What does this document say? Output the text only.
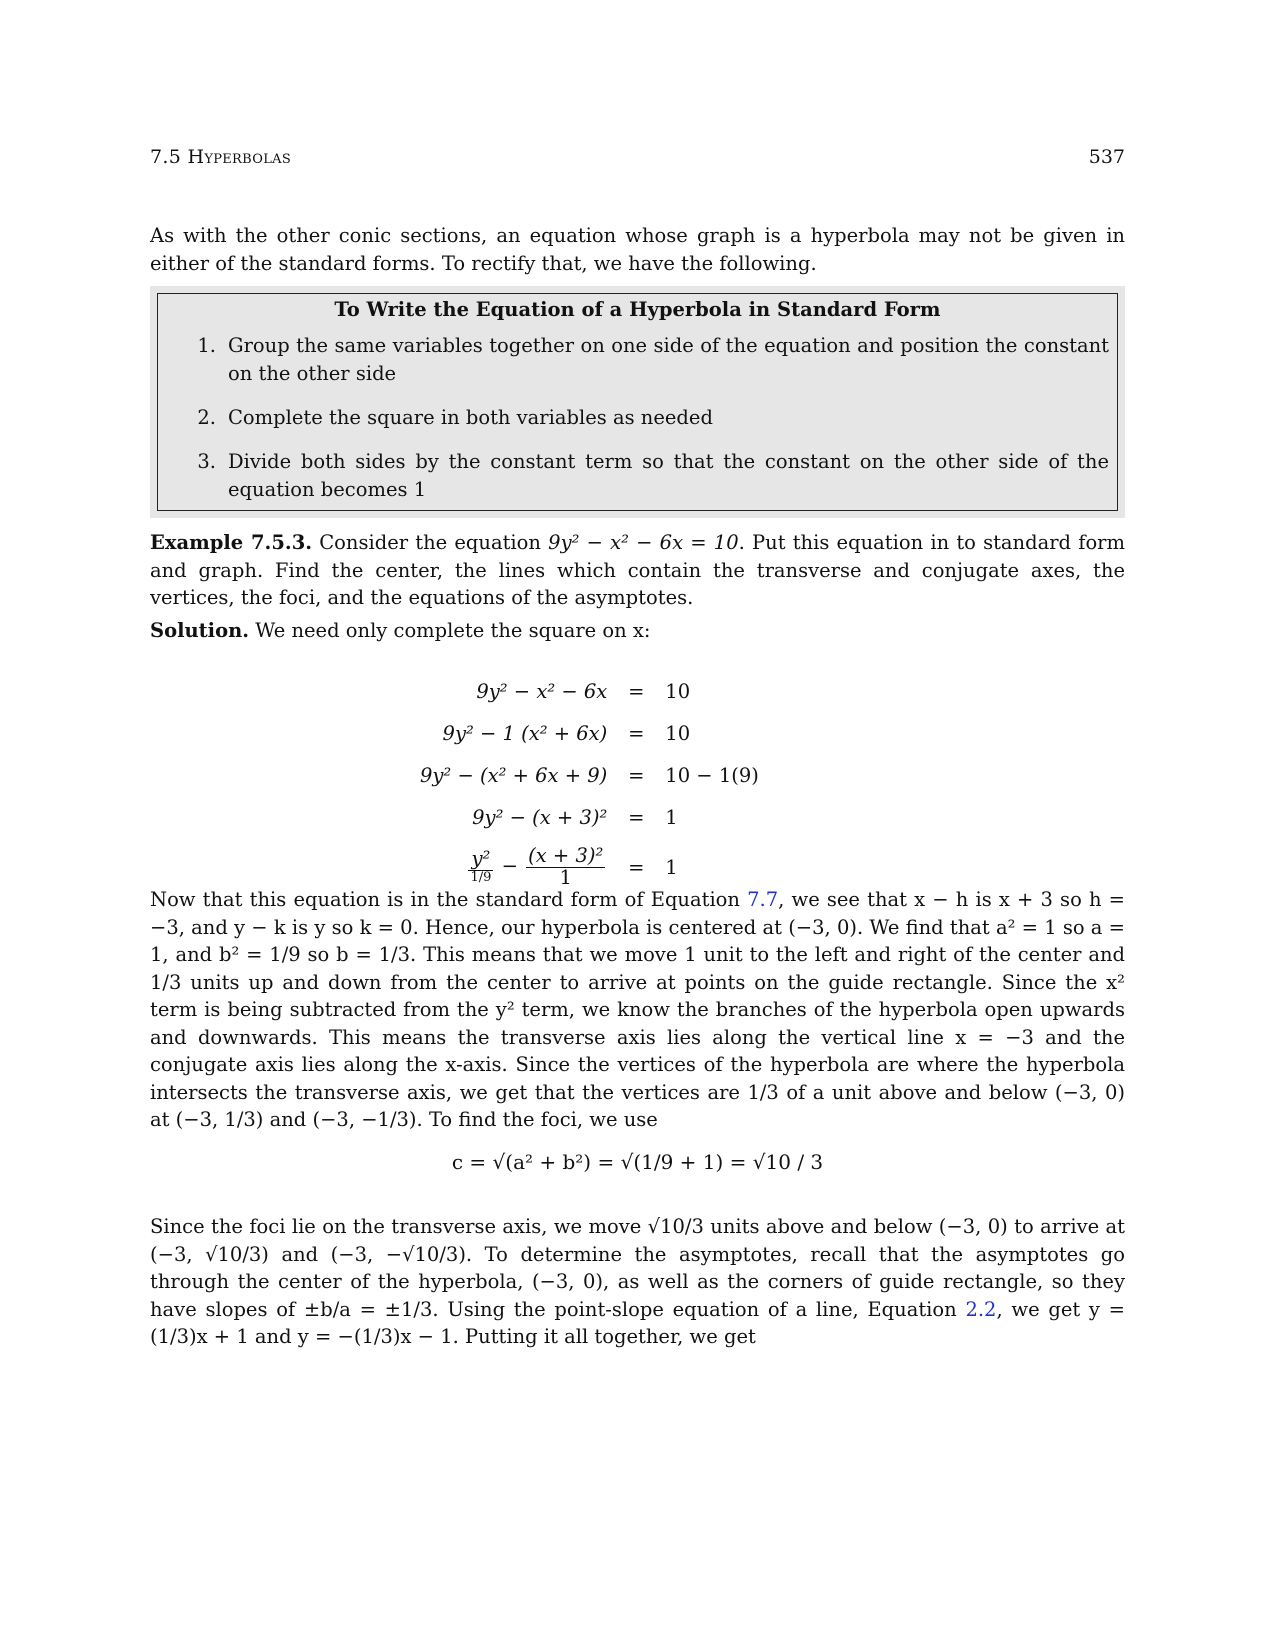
7.5 Hyperbolas	537
As with the other conic sections, an equation whose graph is a hyperbola may not be given in either of the standard forms. To rectify that, we have the following.
To Write the Equation of a Hyperbola in Standard Form
1. Group the same variables together on one side of the equation and position the constant on the other side
2. Complete the square in both variables as needed
3. Divide both sides by the constant term so that the constant on the other side of the equation becomes 1
Example 7.5.3. Consider the equation 9y² − x² − 6x = 10. Put this equation in to standard form and graph. Find the center, the lines which contain the transverse and conjugate axes, the vertices, the foci, and the equations of the asymptotes.
Solution. We need only complete the square on x:
9y² − x² − 6x	=	10
9y² − 1 (x² + 6x)	=	10
9y² − (x² + 6x + 9)	=	10 − 1(9)
9y² − (x + 3)²	=	1

$\frac{\text{y²}}{1/9} - \frac{\text{(x + 3)²}}{1}$	=	1
Now that this equation is in the standard form of Equation 7.7, we see that x − h is x + 3 so h = −3, and y − k is y so k = 0. Hence, our hyperbola is centered at (−3, 0). We find that a² = 1 so a = 1, and b² = 1/9 so b = 1/3. This means that we move 1 unit to the left and right of the center and 1/3 units up and down from the center to arrive at points on the guide rectangle. Since the x² term is being subtracted from the y² term, we know the branches of the hyperbola open upwards and downwards. This means the transverse axis lies along the vertical line x = −3 and the conjugate axis lies along the x-axis. Since the vertices of the hyperbola are where the hyperbola intersects the transverse axis, we get that the vertices are 1/3 of a unit above and below (−3, 0) at (−3, 1/3) and (−3, −1/3). To find the foci, we use
c = √(a² + b²) = √(1/9 + 1) = √10 / 3
Since the foci lie on the transverse axis, we move √10/3 units above and below (−3, 0) to arrive at (−3, √10/3) and (−3, −√10/3). To determine the asymptotes, recall that the asymptotes go through the center of the hyperbola, (−3, 0), as well as the corners of guide rectangle, so they have slopes of ±b/a = ±1/3. Using the point-slope equation of a line, Equation 2.2, we get y = (1/3)x + 1 and y = −(1/3)x − 1. Putting it all together, we get
